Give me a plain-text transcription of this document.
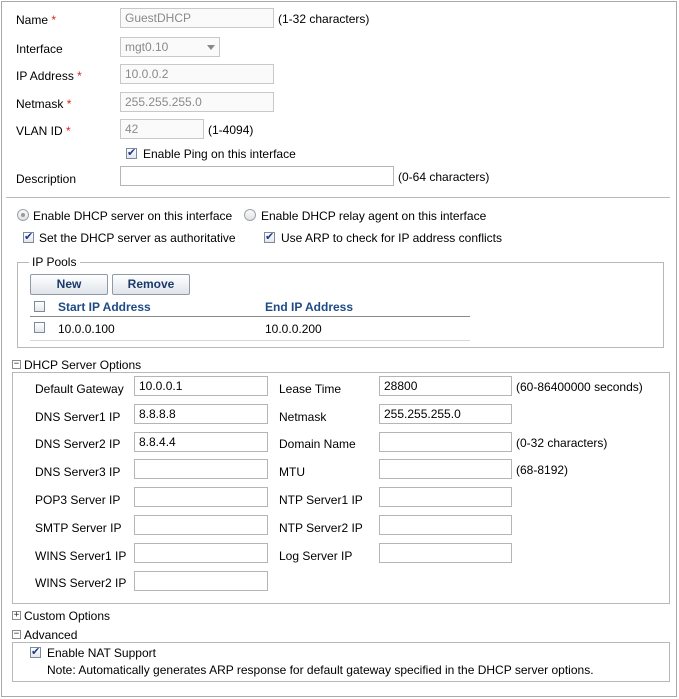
Name *	GuestDHCP	(1-32 characters)
Interface	mgt0.10
IP Address *	10.0.0.2
Netmask *	255.255.255.0
VLAN ID *	42	(1-4094)
✔
Enable Ping on this interface
Description	(0-64 characters)
Enable DHCP server on this interface Enable DHCP relay agent on this interface
✔
Set the DHCP server as authoritative
✔	Use ARP to check for IP address conflicts
IP Pools
New	Remove
Start IP Address	End IP Address
10.0.0.100	10.0.0.200
− DHCP Server Options
Default Gateway	10.0.0.1
DNS Server1 IP	8.8.8.8
DNS Server2 IP	8.8.4.4
DNS Server3 IP
POP3 Server IP
SMTP Server IP
WINS Server1 IP
WINS Server2 IP
Lease Time	28800	(60-86400000 seconds)
Netmask	255.255.255.0
Domain Name	(0-32 characters)
MTU	(68-8192)
NTP Server1 IP
NTP Server2 IP
Log Server IP
+ Custom Options
− Advanced
✔
Enable NAT Support
Note: Automatically generates ARP response for default gateway specified in the DHCP server options.
